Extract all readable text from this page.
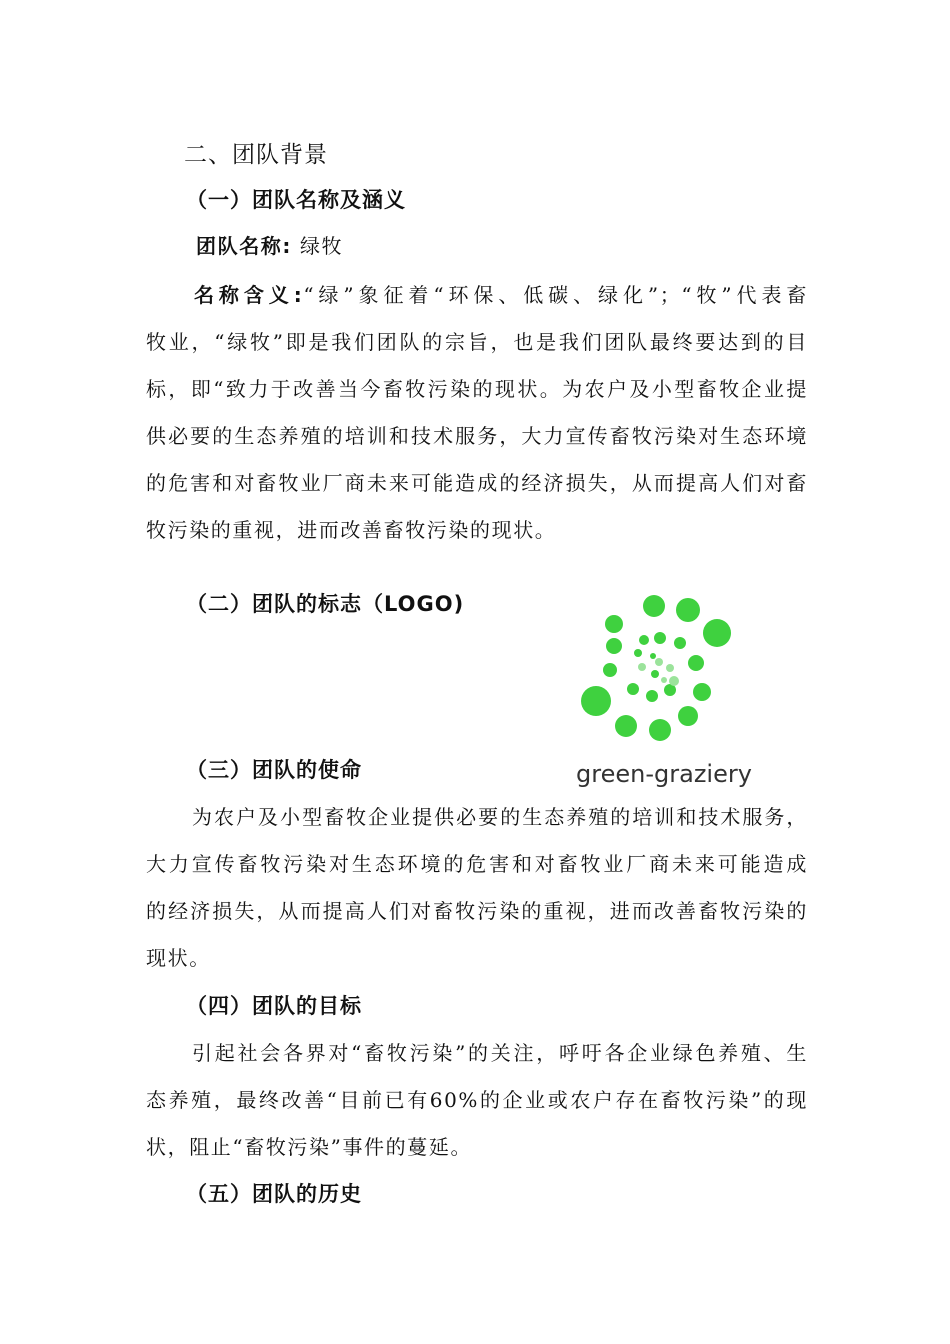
二、团队背景
（一）团队名称及涵义
团队名称: 绿牧
名称含义:“绿”象征着“环保、低碳、绿化”；“牧”代表畜
牧业，“绿牧”即是我们团队的宗旨，也是我们团队最终要达到的目
标，即“致力于改善当今畜牧污染的现状。为农户及小型畜牧企业提
供必要的生态养殖的培训和技术服务，大力宣传畜牧污染对生态环境
的危害和对畜牧业厂商未来可能造成的经济损失，从而提高人们对畜
牧污染的重视，进而改善畜牧污染的现状。
（二）团队的标志（LOGO)
green-graziery
（三）团队的使命
为农户及小型畜牧企业提供必要的生态养殖的培训和技术服务，
大力宣传畜牧污染对生态环境的危害和对畜牧业厂商未来可能造成
的经济损失，从而提高人们对畜牧污染的重视，进而改善畜牧污染的
现状。
（四）团队的目标
引起社会各界对“畜牧污染”的关注，呼吁各企业绿色养殖、生
态养殖，最终改善“目前已有60%的企业或农户存在畜牧污染”的现
状，阻止“畜牧污染”事件的蔓延。
（五）团队的历史
